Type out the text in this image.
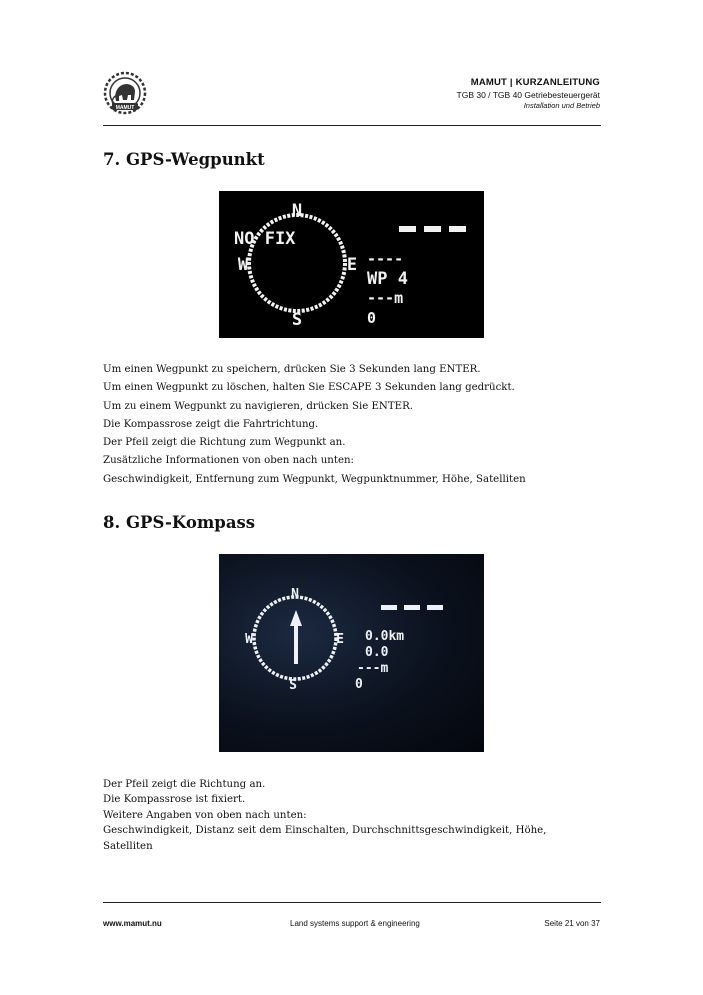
MAMUT
MAMUT | KURZANLEITUNG
TGB 30 / TGB 40 Getriebesteuergerät
Installation und Betrieb
7. GPS-Wegpunkt
N
S
W	E
NO FIX
----
WP 4
---m
0
Um einen Wegpunkt zu speichern, drücken Sie 3 Sekunden lang ENTER.
Um einen Wegpunkt zu löschen, halten Sie ESCAPE 3 Sekunden lang gedrückt.
Um zu einem Wegpunkt zu navigieren, drücken Sie ENTER.
Die Kompassrose zeigt die Fahrtrichtung.
Der Pfeil zeigt die Richtung zum Wegpunkt an.
Zusätzliche Informationen von oben nach unten:
Geschwindigkeit, Entfernung zum Wegpunkt, Wegpunktnummer, Höhe, Satelliten
8. GPS-Kompass
N
S
W	E 0.0km
0.0
---m
0
Der Pfeil zeigt die Richtung an.
Die Kompassrose ist fixiert.
Weitere Angaben von oben nach unten:
Geschwindigkeit, Distanz seit dem Einschalten, Durchschnittsgeschwindigkeit, Höhe,
Satelliten
www.mamut.nu	Land systems support & engineering	Seite 21 von 37
